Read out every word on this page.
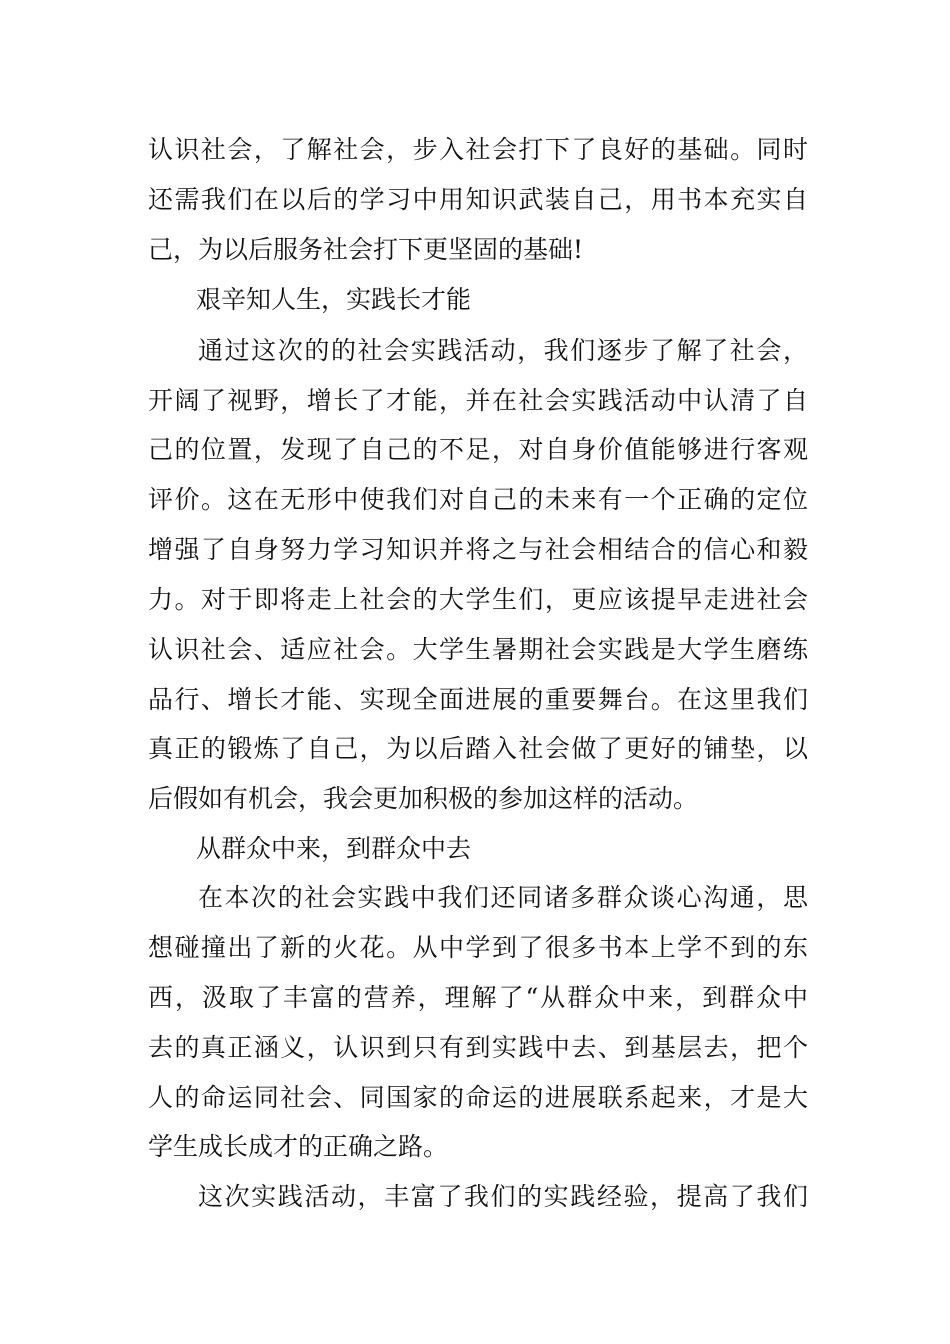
认识社会，了解社会，步入社会打下了良好的基础。同时

还需我们在以后的学习中用知识武装自己，用书本充实自

己，为以后服务社会打下更坚固的基础!

艰辛知人生，实践长才能

通过这次的的社会实践活动，我们逐步了解了社会，

开阔了视野，增长了才能，并在社会实践活动中认清了自

己的位置，发现了自己的不足，对自身价值能够进行客观

评价。这在无形中使我们对自己的未来有一个正确的定位

增强了自身努力学习知识并将之与社会相结合的信心和毅

力。对于即将走上社会的大学生们，更应该提早走进社会

认识社会、适应社会。大学生暑期社会实践是大学生磨练

品行、增长才能、实现全面进展的重要舞台。在这里我们

真正的锻炼了自己，为以后踏入社会做了更好的铺垫，以

后假如有机会，我会更加积极的参加这样的活动。

从群众中来，到群众中去

在本次的社会实践中我们还同诸多群众谈心沟通，思

想碰撞出了新的火花。从中学到了很多书本上学不到的东

西，汲取了丰富的营养，理解了“从群众中来，到群众中

去的真正涵义，认识到只有到实践中去、到基层去，把个

人的命运同社会、同国家的命运的进展联系起来，才是大

学生成长成才的正确之路。

这次实践活动，丰富了我们的实践经验，提高了我们
